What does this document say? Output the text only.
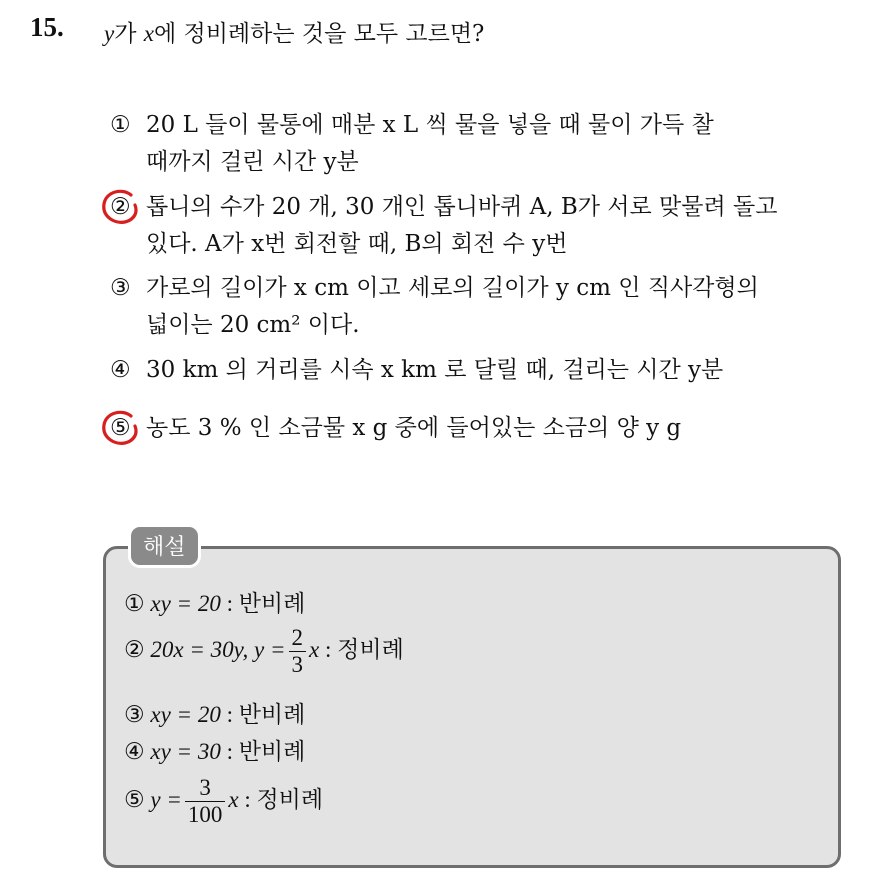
15. y가 x에 정비례하는 것을 모두 고르면?
① 20 L 들이 물통에 매분 x L 씩 물을 넣을 때 물이 가득 찰
때까지 걸린 시간 y분
② 톱니의 수가 20 개, 30 개인 톱니바퀴 A, B가 서로 맞물려 돌고
있다. A가 x번 회전할 때, B의 회전 수 y번
③ 가로의 길이가 x cm 이고 세로의 길이가 y cm 인 직사각형의
넓이는 20 cm² 이다.
④ 30 km 의 거리를 시속 x km 로 달릴 때, 걸리는 시간 y분
⑤ 농도 3 % 인 소금물 x g 중에 들어있는 소금의 양 y g
해설
① xy = 20 : 반비례
② 20x = 30y, $y = \frac{2}{3}$ x : 정비례
③ xy = 20 : 반비례
④ xy = 30 : 반비례
⑤ $y = \frac{3}{100}$ x : 정비례
